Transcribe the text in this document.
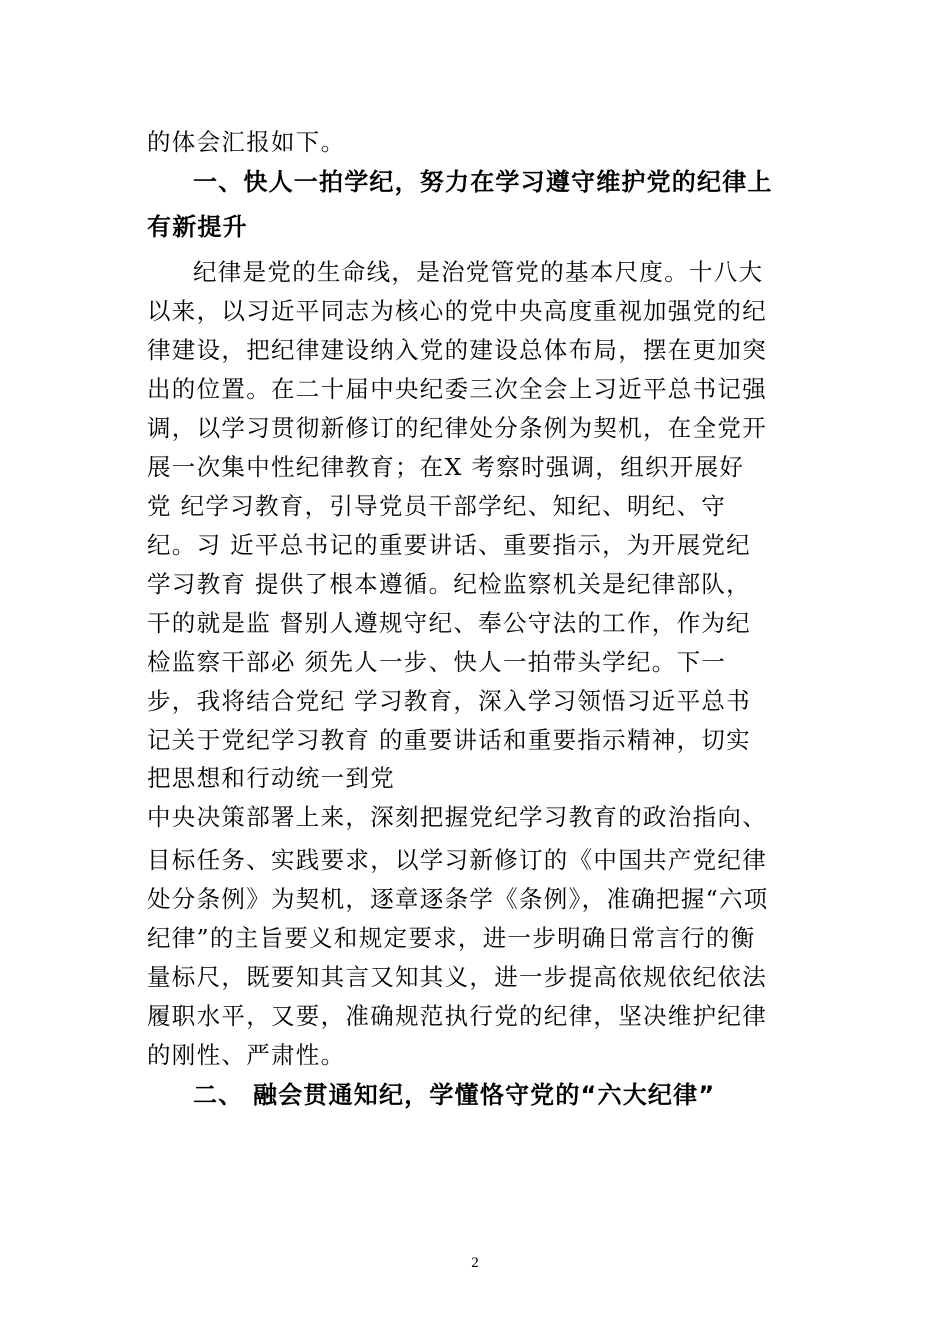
的体会汇报如下。
一、快人一拍学纪，努力在学习遵守维护党的纪律上
有新提升
纪律是党的生命线，是治党管党的基本尺度。十八大
以来，以习近平同志为核心的党中央高度重视加强党的纪
律建设，把纪律建设纳入党的建设总体布局，摆在更加突
出的位置。在二十届中央纪委三次全会上习近平总书记强
调，以学习贯彻新修订的纪律处分条例为契机，在全党开
展一次集中性纪律教育；在X 考察时强调，组织开展好
党 纪学习教育，引导党员干部学纪、知纪、明纪、守
纪。习 近平总书记的重要讲话、重要指示，为开展党纪
学习教育 提供了根本遵循。纪检监察机关是纪律部队，
干的就是监 督别人遵规守纪、奉公守法的工作，作为纪
检监察干部必 须先人一步、快人一拍带头学纪。下一
步，我将结合党纪 学习教育，深入学习领悟习近平总书
记关于党纪学习教育 的重要讲话和重要指示精神，切实
把思想和行动统一到党
中央决策部署上来，深刻把握党纪学习教育的政治指向、
目标任务、实践要求，以学习新修订的《中国共产党纪律
处分条例》为契机，逐章逐条学《条例》，准确把握“六项
纪律”的主旨要义和规定要求，进一步明确日常言行的衡
量标尺，既要知其言又知其义，进一步提高依规依纪依法
履职水平，又要，准确规范执行党的纪律，坚决维护纪律
的刚性、严肃性。
二、 融会贯通知纪，学懂恪守党的“六大纪律”
2
